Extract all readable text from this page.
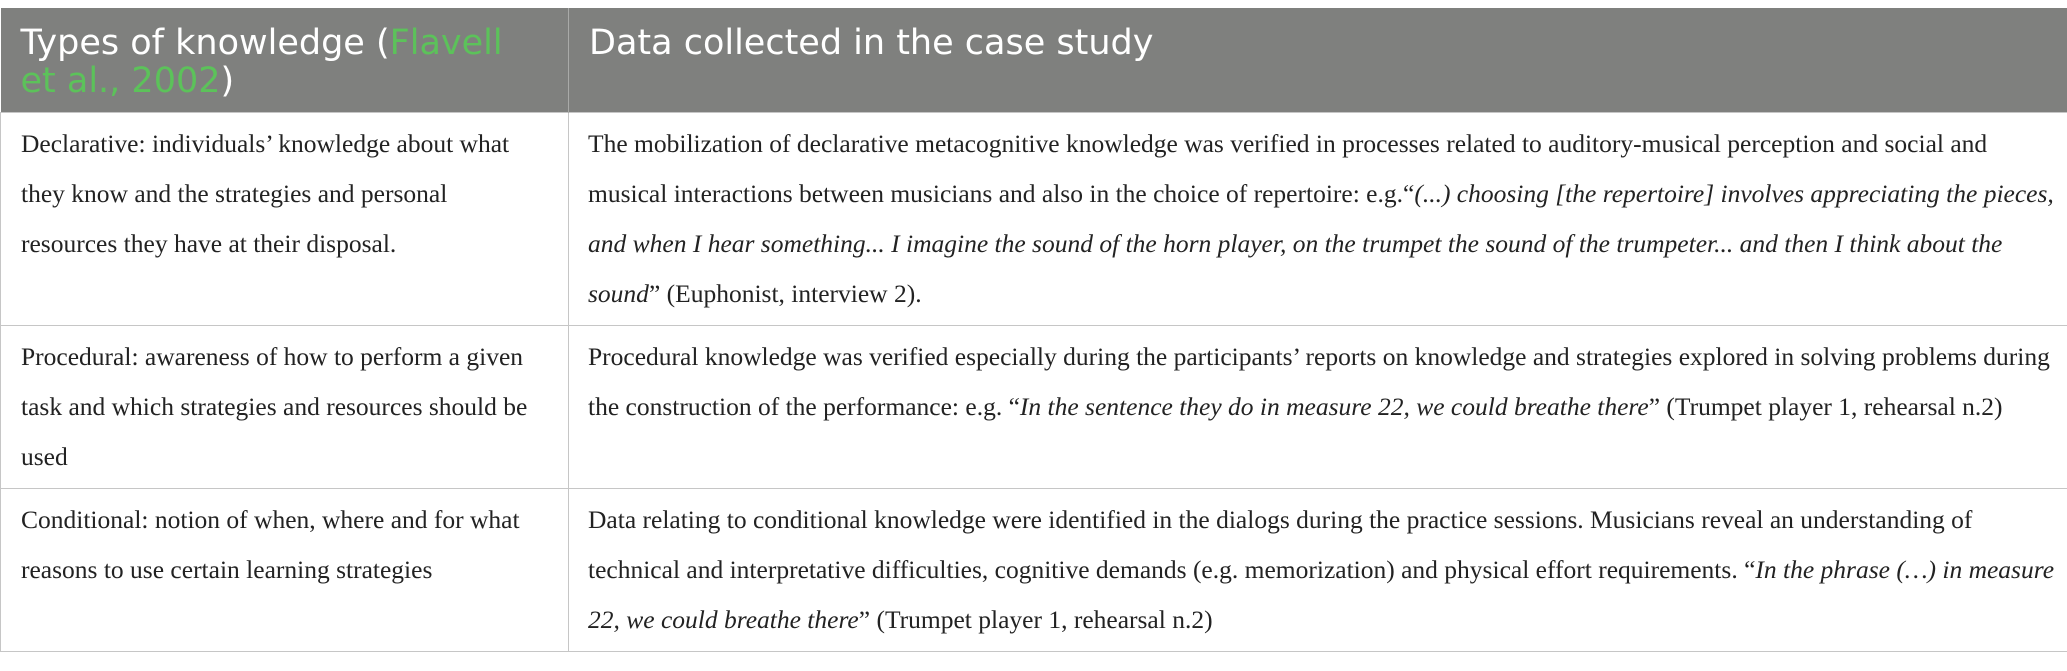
Types of knowledge (Flavell et al., 2002)	Data collected in the case study
Declarative: individuals’ knowledge about what they know and the strategies and personal resources they have at their disposal.	The mobilization of declarative metacognitive knowledge was verified in processes related to auditory-musical perception and social and musical interactions between musicians and also in the choice of repertoire: e.g.“(...) choosing [the repertoire] involves appreciating the pieces, and when I hear something... I imagine the sound of the horn player, on the trumpet the sound of the trumpeter... and then I think about the sound” (Euphonist, interview 2).
Procedural: awareness of how to perform a given task and which strategies and resources should be used	Procedural knowledge was verified especially during the participants’ reports on knowledge and strategies explored in solving problems during the construction of the performance: e.g. “In the sentence they do in measure 22, we could breathe there” (Trumpet player 1, rehearsal n.2)
Conditional: notion of when, where and for what reasons to use certain learning strategies	Data relating to conditional knowledge were identified in the dialogs during the practice sessions. Musicians reveal an understanding of technical and interpretative difficulties, cognitive demands (e.g. memorization) and physical effort requirements. “In the phrase (…) in measure 22, we could breathe there” (Trumpet player 1, rehearsal n.2)
